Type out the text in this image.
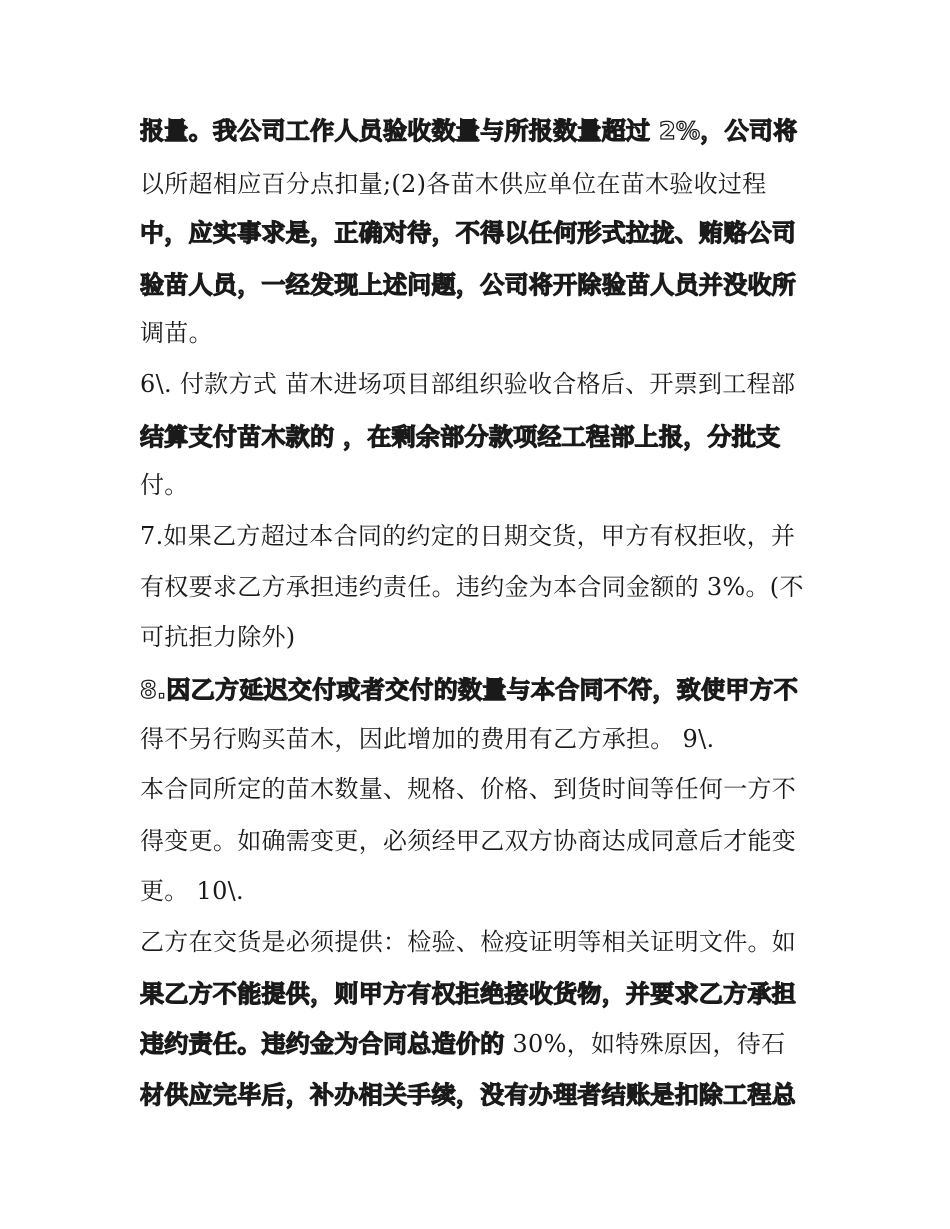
报量。我公司工作人员验收数量与所报数量超过 2%，公司将
以所超相应百分点扣量;(2)各苗木供应单位在苗木验收过程
中，应实事求是，正确对待，不得以任何形式拉拢、贿赂公司
验苗人员，一经发现上述问题，公司将开除验苗人员并没收所
调苗。
6\. 付款方式 苗木进场项目部组织验收合格后、开票到工程部
结算支付苗木款的 ，在剩余部分款项经工程部上报，分批支
付。
7.如果乙方超过本合同的约定的日期交货，甲方有权拒收，并
有权要求乙方承担违约责任。违约金为本合同金额的 3%。(不
可抗拒力除外)
8.因乙方延迟交付或者交付的数量与本合同不符，致使甲方不
得不另行购买苗木，因此增加的费用有乙方承担。 9\.
本合同所定的苗木数量、规格、价格、到货时间等任何一方不
得变更。如确需变更，必须经甲乙双方协商达成同意后才能变
更。 10\.
乙方在交货是必须提供：检验、检疫证明等相关证明文件。如
果乙方不能提供，则甲方有权拒绝接收货物，并要求乙方承担
违约责任。违约金为合同总造价的 30%，如特殊原因，待石
材供应完毕后，补办相关手续，没有办理者结账是扣除工程总
